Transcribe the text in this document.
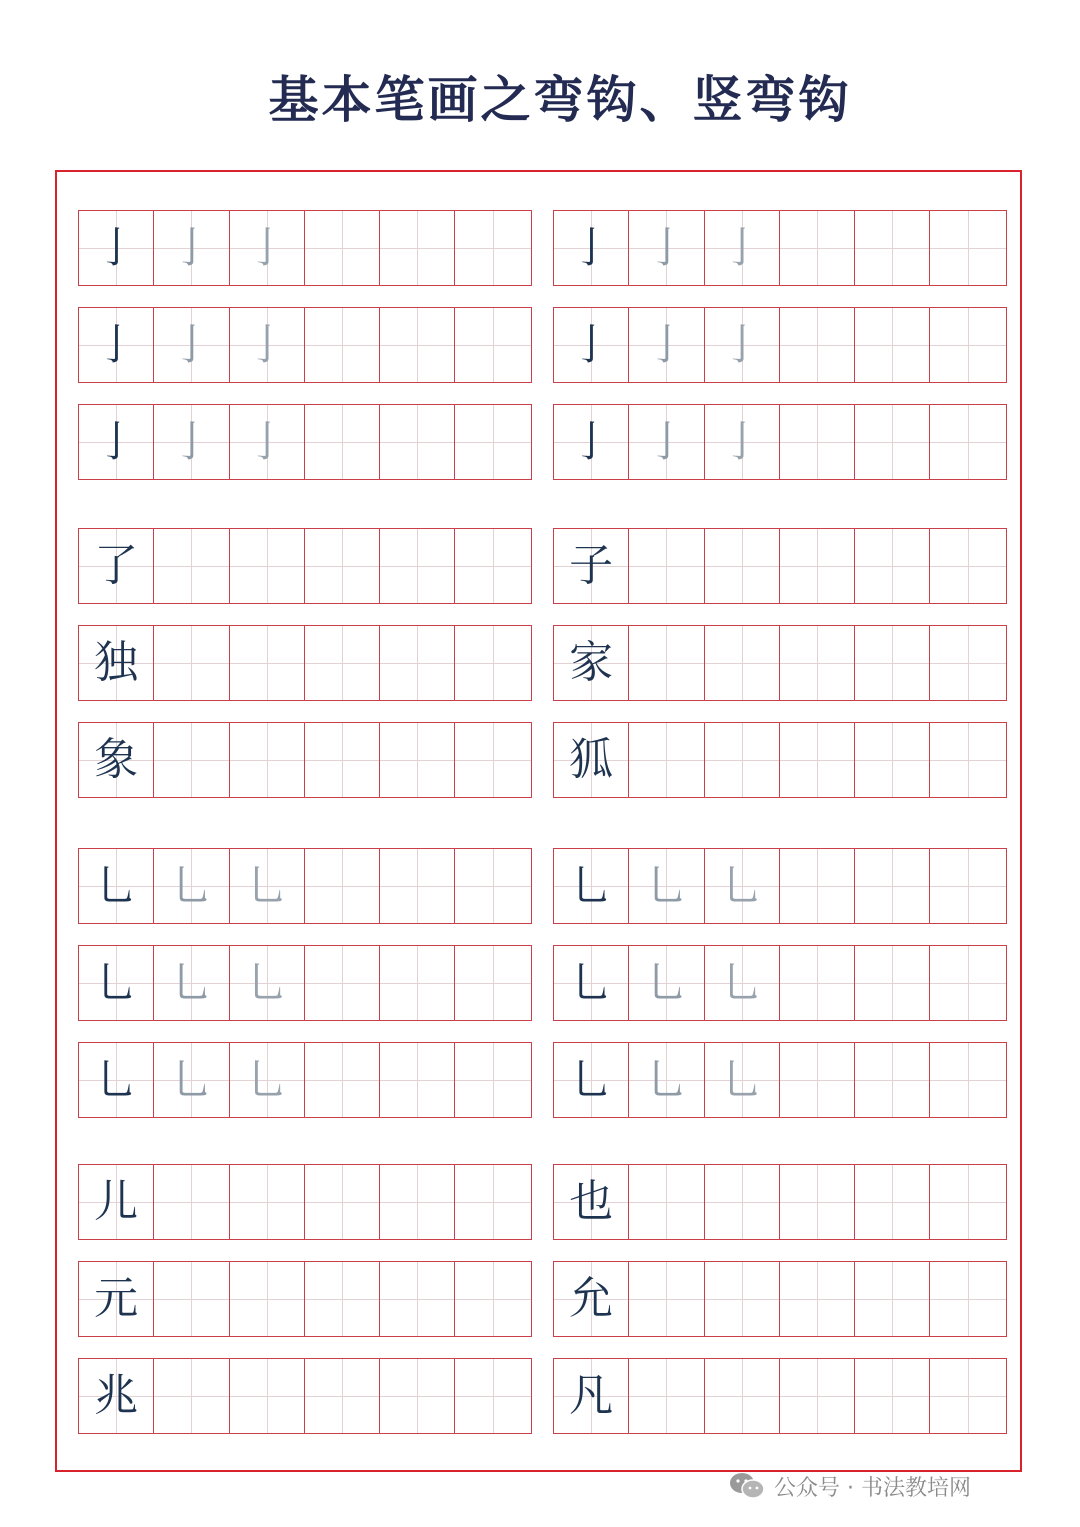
基本笔画之弯钩、竖弯钩
亅 亅 亅
亅 亅 亅
亅 亅 亅
亅 亅 亅
亅 亅 亅
亅 亅 亅
了
独
象
子
家
狐
乚 乚 乚
乚 乚 乚
乚 乚 乚
乚 乚 乚
乚 乚 乚
乚 乚 乚
儿
元
兆
也
允
凡
公众号 · 书法教培网
